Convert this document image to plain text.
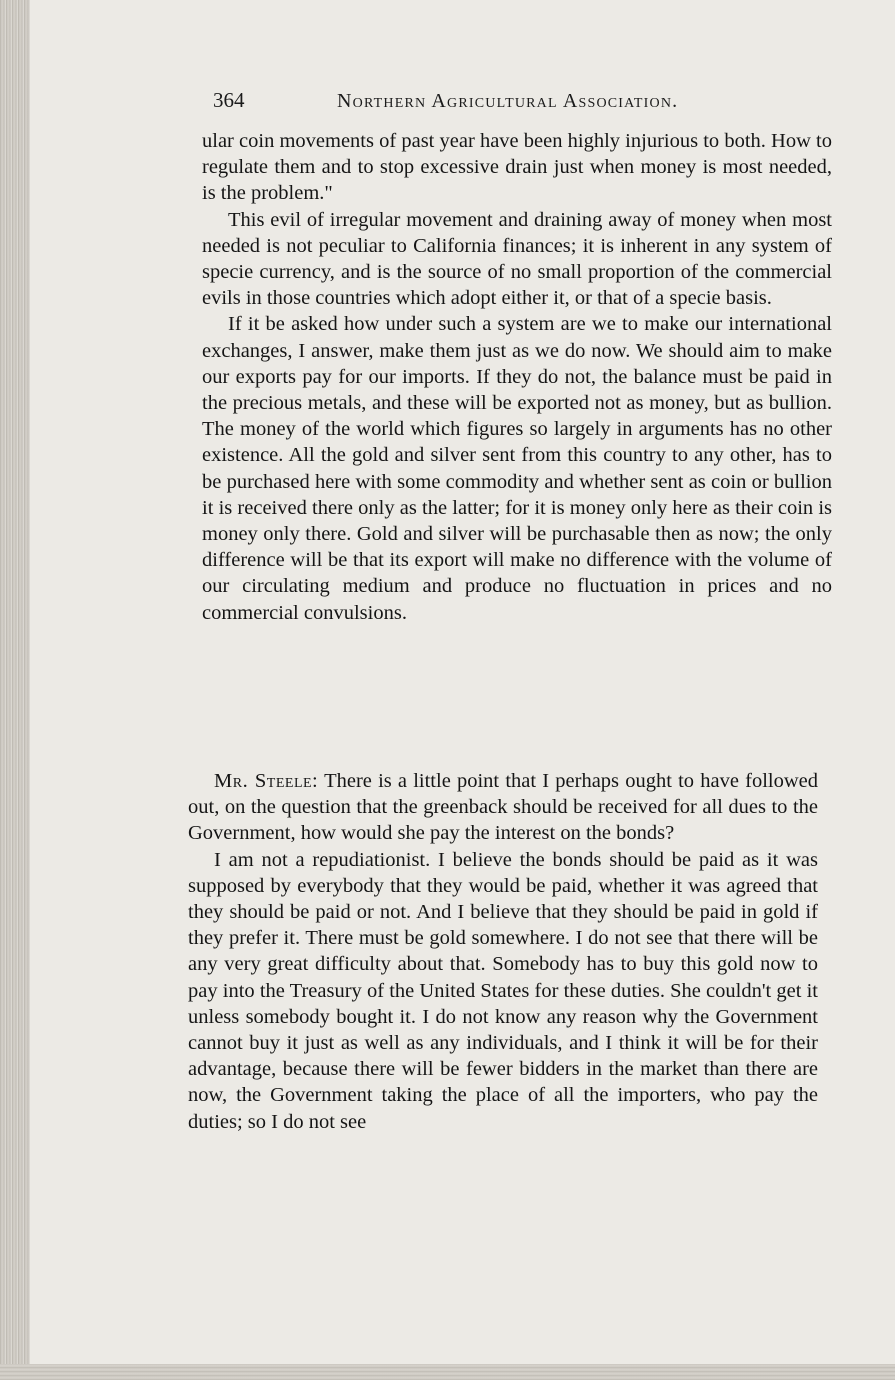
364	Northern Agricultural Association.

ular coin movements of past year have been highly injurious to both. How to regulate them and to stop excessive drain just when money is most needed, is the problem."

This evil of irregular movement and draining away of money when most needed is not peculiar to California finances; it is inherent in any system of specie currency, and is the source of no small proportion of the commercial evils in those countries which adopt either it, or that of a specie basis.

If it be asked how under such a system are we to make our international exchanges, I answer, make them just as we do now. We should aim to make our exports pay for our imports. If they do not, the balance must be paid in the precious metals, and these will be exported not as money, but as bullion. The money of the world which figures so largely in arguments has no other existence. All the gold and silver sent from this country to any other, has to be purchased here with some commodity and whether sent as coin or bullion it is received there only as the latter; for it is money only here as their coin is money only there. Gold and silver will be purchasable then as now; the only difference will be that its export will make no difference with the volume of our circulating medium and produce no fluctuation in prices and no commercial convulsions.

Mr. Steele: There is a little point that I perhaps ought to have followed out, on the question that the greenback should be received for all dues to the Government, how would she pay the interest on the bonds?

I am not a repudiationist. I believe the bonds should be paid as it was supposed by everybody that they would be paid, whether it was agreed that they should be paid or not. And I believe that they should be paid in gold if they prefer it. There must be gold somewhere. I do not see that there will be any very great difficulty about that. Somebody has to buy this gold now to pay into the Treasury of the United States for these duties. She couldn't get it unless somebody bought it. I do not know any reason why the Government cannot buy it just as well as any individuals, and I think it will be for their advantage, because there will be fewer bidders in the market than there are now, the Government taking the place of all the importers, who pay the duties; so I do not see
